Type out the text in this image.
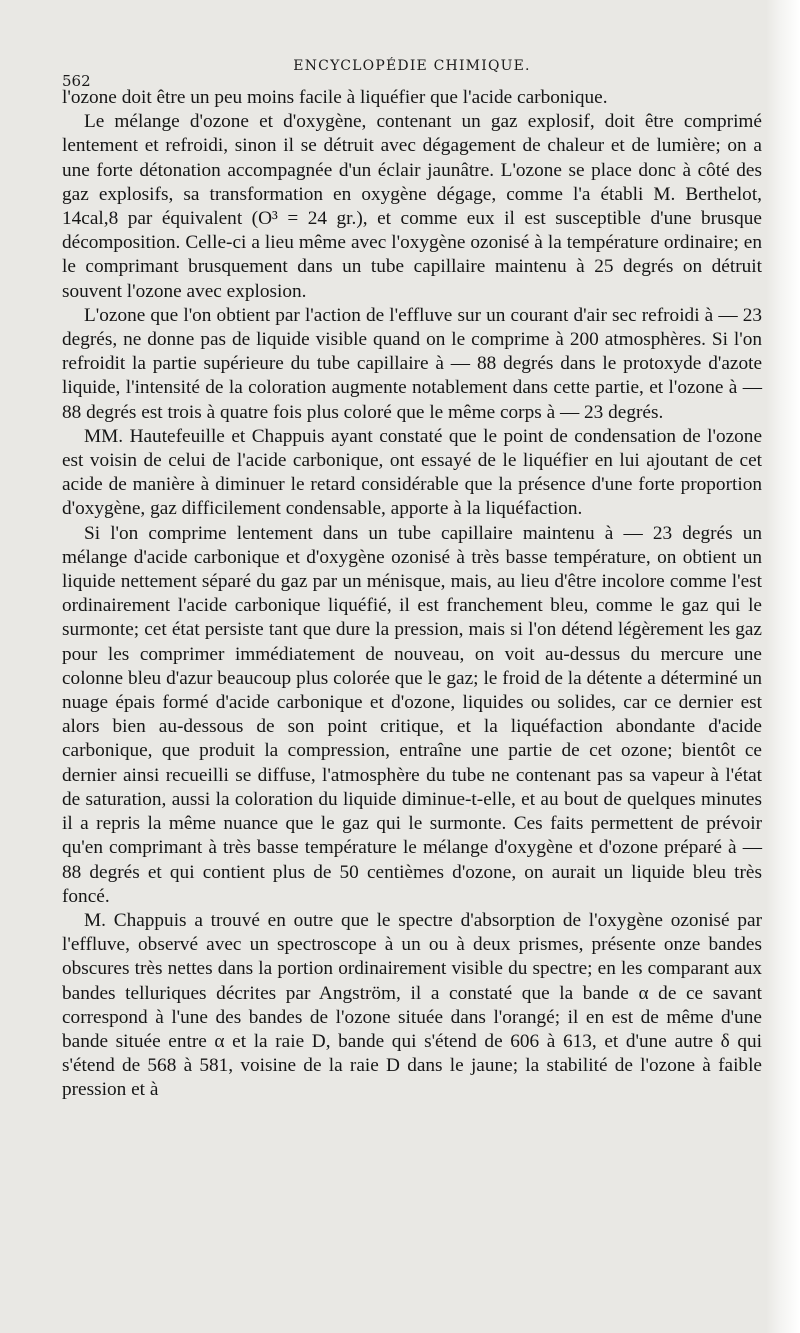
562
ENCYCLOPÉDIE CHIMIQUE.

l'ozone doit être un peu moins facile à liquéfier que l'acide carbonique.

Le mélange d'ozone et d'oxygène, contenant un gaz explosif, doit être comprimé lentement et refroidi, sinon il se détruit avec dégagement de chaleur et de lumière; on a une forte détonation accompagnée d'un éclair jaunâtre. L'ozone se place donc à côté des gaz explosifs, sa transformation en oxygène dégage, comme l'a établi M. Berthelot, 14cal,8 par équivalent (O³ = 24 gr.), et comme eux il est susceptible d'une brusque décomposition. Celle-ci a lieu même avec l'oxygène ozonisé à la température ordinaire; en le comprimant brusquement dans un tube capillaire maintenu à 25 degrés on détruit souvent l'ozone avec explosion.

L'ozone que l'on obtient par l'action de l'effluve sur un courant d'air sec refroidi à — 23 degrés, ne donne pas de liquide visible quand on le comprime à 200 atmosphères. Si l'on refroidit la partie supérieure du tube capillaire à — 88 degrés dans le protoxyde d'azote liquide, l'intensité de la coloration augmente notablement dans cette partie, et l'ozone à — 88 degrés est trois à quatre fois plus coloré que le même corps à — 23 degrés.

MM. Hautefeuille et Chappuis ayant constaté que le point de condensation de l'ozone est voisin de celui de l'acide carbonique, ont essayé de le liquéfier en lui ajoutant de cet acide de manière à diminuer le retard considérable que la présence d'une forte proportion d'oxygène, gaz difficilement condensable, apporte à la liquéfaction.

Si l'on comprime lentement dans un tube capillaire maintenu à — 23 degrés un mélange d'acide carbonique et d'oxygène ozonisé à très basse température, on obtient un liquide nettement séparé du gaz par un ménisque, mais, au lieu d'être incolore comme l'est ordinairement l'acide carbonique liquéfié, il est franchement bleu, comme le gaz qui le surmonte; cet état persiste tant que dure la pression, mais si l'on détend légèrement les gaz pour les comprimer immédiatement de nouveau, on voit au-dessus du mercure une colonne bleu d'azur beaucoup plus colorée que le gaz; le froid de la détente a déterminé un nuage épais formé d'acide carbonique et d'ozone, liquides ou solides, car ce dernier est alors bien au-dessous de son point critique, et la liquéfaction abondante d'acide carbonique, que produit la compression, entraîne une partie de cet ozone; bientôt ce dernier ainsi recueilli se diffuse, l'atmosphère du tube ne contenant pas sa vapeur à l'état de saturation, aussi la coloration du liquide diminue-t-elle, et au bout de quelques minutes il a repris la même nuance que le gaz qui le surmonte. Ces faits permettent de prévoir qu'en comprimant à très basse température le mélange d'oxygène et d'ozone préparé à — 88 degrés et qui contient plus de 50 centièmes d'ozone, on aurait un liquide bleu très foncé.

M. Chappuis a trouvé en outre que le spectre d'absorption de l'oxygène ozonisé par l'effluve, observé avec un spectroscope à un ou à deux prismes, présente onze bandes obscures très nettes dans la portion ordinairement visible du spectre; en les comparant aux bandes telluriques décrites par Angström, il a constaté que la bande α de ce savant correspond à l'une des bandes de l'ozone située dans l'orangé; il en est de même d'une bande située entre α et la raie D, bande qui s'étend de 606 à 613, et d'une autre δ qui s'étend de 568 à 581, voisine de la raie D dans le jaune; la stabilité de l'ozone à faible pression et à
